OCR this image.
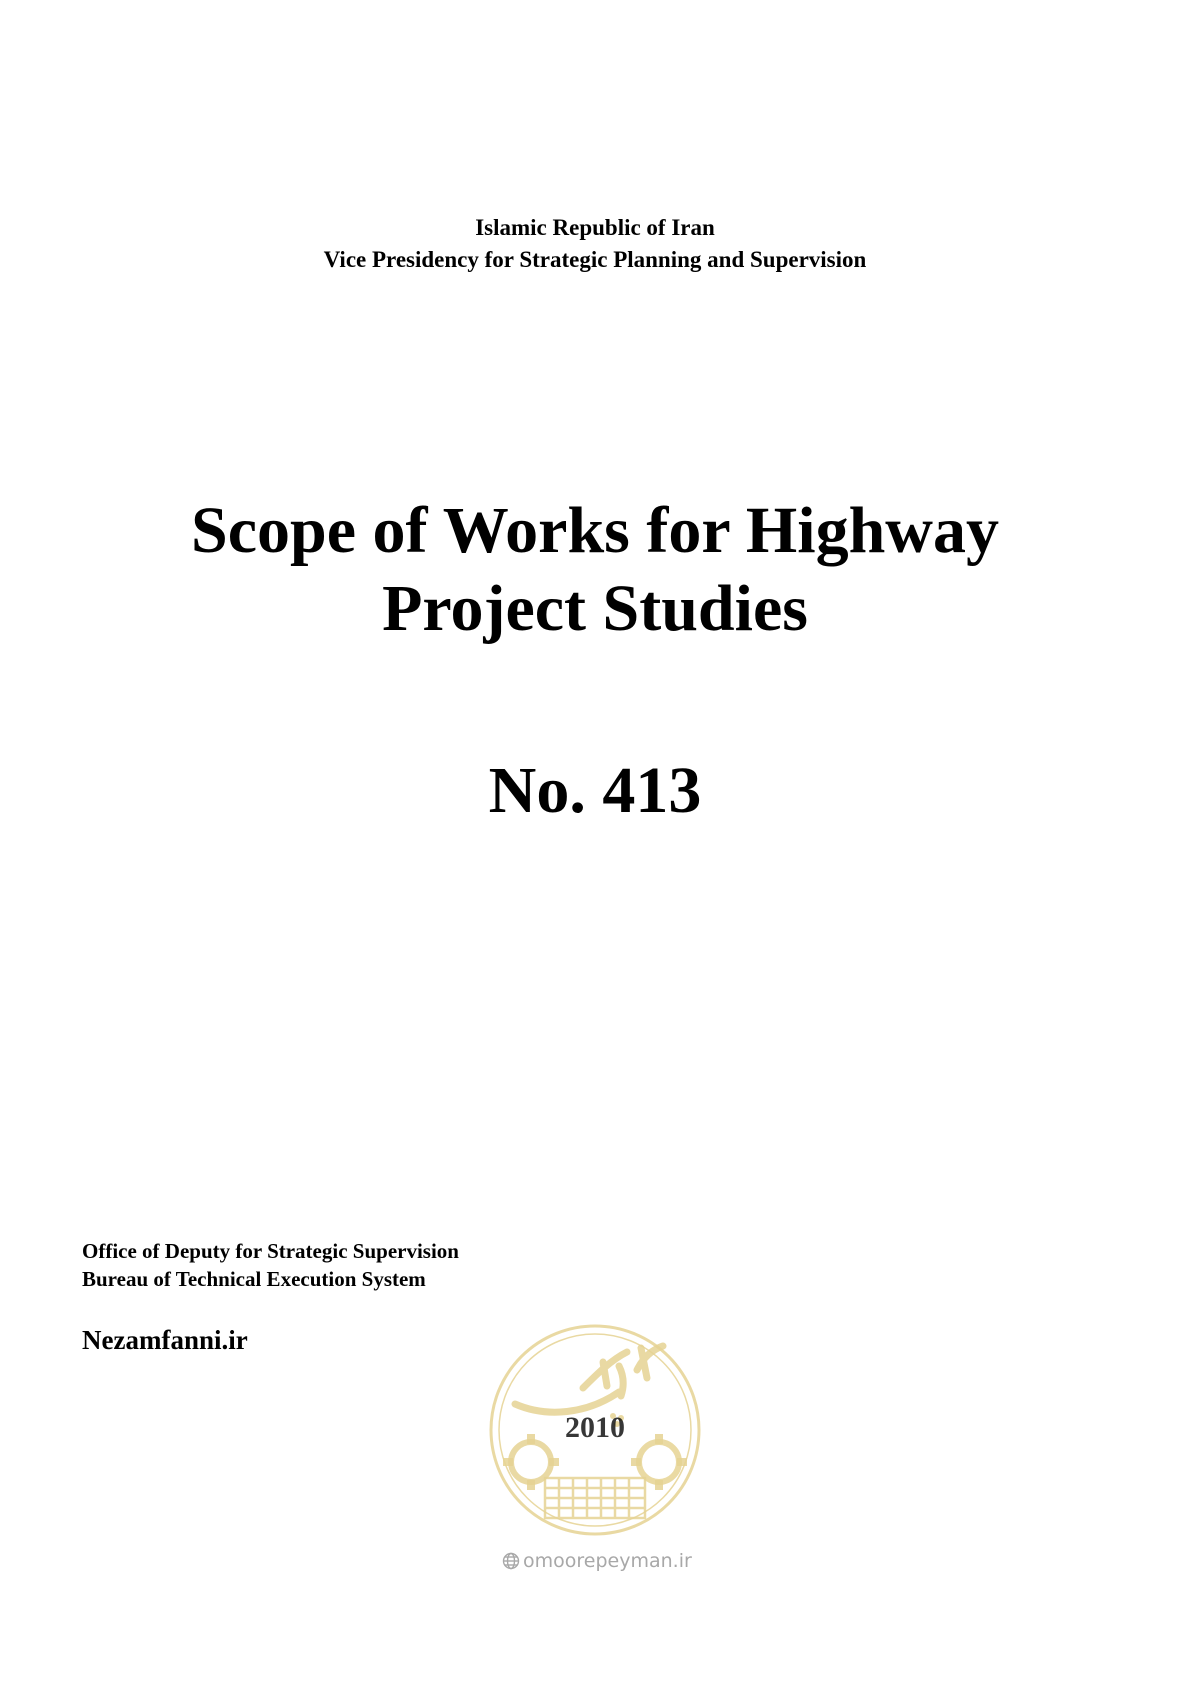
Islamic Republic of Iran
Vice Presidency for Strategic Planning and Supervision
Scope of Works for Highway
Project Studies
No. 413
Office of Deputy for Strategic Supervision
Bureau of Technical Execution System
Nezamfanni.ir
2010
omoorepeyman.ir
